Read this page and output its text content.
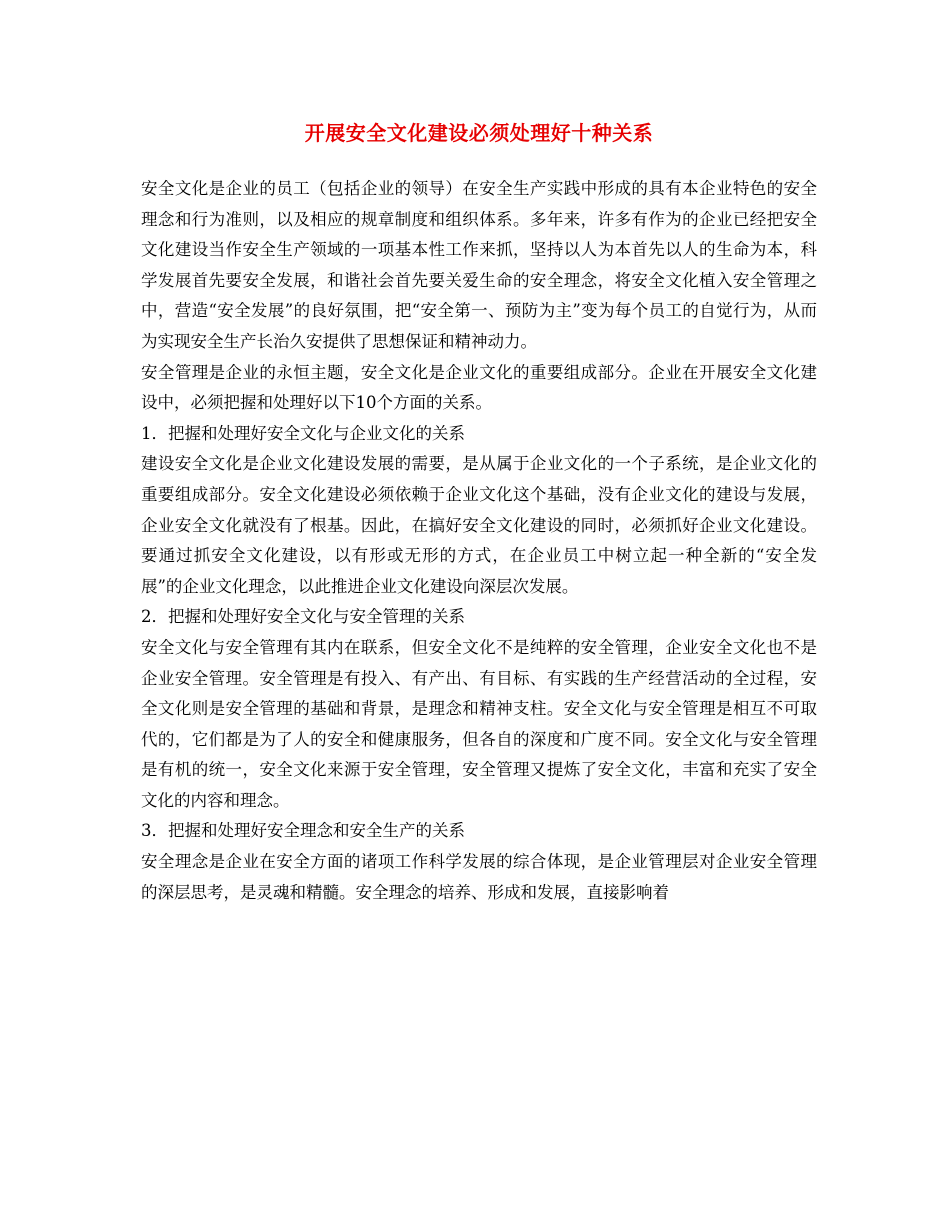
开展安全文化建设必须处理好十种关系

安全文化是企业的员工（包括企业的领导）在安全生产实践中形成的具有本企业特色的安全理念和行为准则，以及相应的规章制度和组织体系。多年来，许多有作为的企业已经把安全文化建设当作安全生产领域的一项基本性工作来抓，坚持以人为本首先以人的生命为本，科学发展首先要安全发展，和谐社会首先要关爱生命的安全理念，将安全文化植入安全管理之中，营造“安全发展”的良好氛围，把“安全第一、预防为主”变为每个员工的自觉行为，从而为实现安全生产长治久安提供了思想保证和精神动力。

安全管理是企业的永恒主题，安全文化是企业文化的重要组成部分。企业在开展安全文化建设中，必须把握和处理好以下10个方面的关系。

1．把握和处理好安全文化与企业文化的关系

建设安全文化是企业文化建设发展的需要，是从属于企业文化的一个子系统，是企业文化的重要组成部分。安全文化建设必须依赖于企业文化这个基础，没有企业文化的建设与发展，企业安全文化就没有了根基。因此，在搞好安全文化建设的同时，必须抓好企业文化建设。要通过抓安全文化建设，以有形或无形的方式，在企业员工中树立起一种全新的“安全发展”的企业文化理念，以此推进企业文化建设向深层次发展。

2．把握和处理好安全文化与安全管理的关系

安全文化与安全管理有其内在联系，但安全文化不是纯粹的安全管理，企业安全文化也不是企业安全管理。安全管理是有投入、有产出、有目标、有实践的生产经营活动的全过程，安全文化则是安全管理的基础和背景，是理念和精神支柱。安全文化与安全管理是相互不可取代的，它们都是为了人的安全和健康服务，但各自的深度和广度不同。安全文化与安全管理是有机的统一，安全文化来源于安全管理，安全管理又提炼了安全文化，丰富和充实了安全文化的内容和理念。

3．把握和处理好安全理念和安全生产的关系

安全理念是企业在安全方面的诸项工作科学发展的综合体现，是企业管理层对企业安全管理的深层思考，是灵魂和精髓。安全理念的培养、形成和发展，直接影响着
